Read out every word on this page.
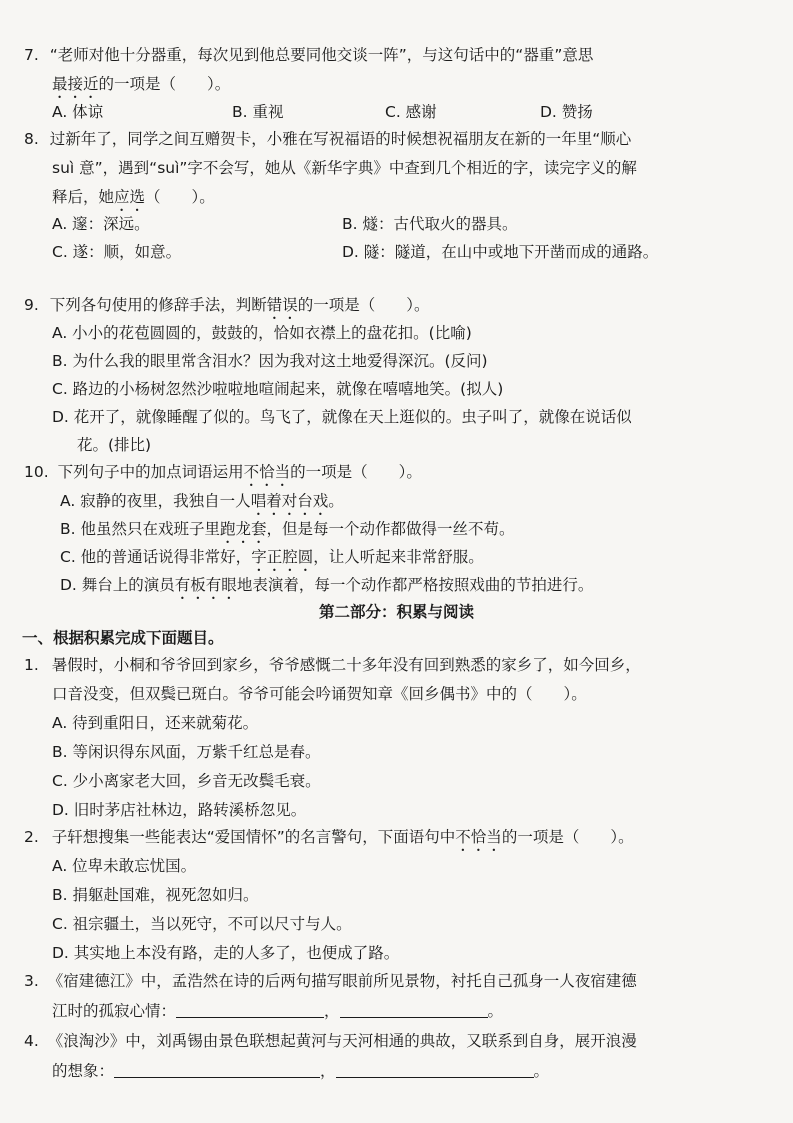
7. “老师对他十分器重，每次见到他总要同他交谈一阵”，与这句话中的“器重”意思
最接近的一项是（　　）。
A. 体谅	B. 重视	C. 感谢	D. 赞扬
8. 过新年了，同学之间互赠贺卡，小雅在写祝福语的时候想祝福朋友在新的一年里“顺心
suì 意”，遇到“suì”字不会写，她从《新华字典》中查到几个相近的字，读完字义的解
释后，她应选（　　）。
A. 邃：深远。	B. 燧：古代取火的器具。
C. 遂：顺，如意。	D. 隧：隧道，在山中或地下开凿而成的通路。
9. 下列各句使用的修辞手法，判断错误的一项是（　　）。
A. 小小的花苞圆圆的，鼓鼓的，恰如衣襟上的盘花扣。(比喻)
B. 为什么我的眼里常含泪水？因为我对这土地爱得深沉。(反问)
C. 路边的小杨树忽然沙啦啦地喧闹起来，就像在嘻嘻地笑。(拟人)
D. 花开了，就像睡醒了似的。鸟飞了，就像在天上逛似的。虫子叫了，就像在说话似
花。(排比)
10. 下列句子中的加点词语运用不恰当的一项是（　　）。
A. 寂静的夜里，我独自一人唱着对台戏。
B. 他虽然只在戏班子里跑龙套，但是每一个动作都做得一丝不苟。
C. 他的普通话说得非常好，字正腔圆，让人听起来非常舒服。
D. 舞台上的演员有板有眼地表演着，每一个动作都严格按照戏曲的节拍进行。
第二部分：积累与阅读
一、根据积累完成下面题目。
1. 暑假时，小桐和爷爷回到家乡，爷爷感慨二十多年没有回到熟悉的家乡了，如今回乡，
口音没变，但双鬓已斑白。爷爷可能会吟诵贺知章《回乡偶书》中的（　　）。
A. 待到重阳日，还来就菊花。
B. 等闲识得东风面，万紫千红总是春。
C. 少小离家老大回，乡音无改鬓毛衰。
D. 旧时茅店社林边，路转溪桥忽见。
2. 子轩想搜集一些能表达“爱国情怀”的名言警句，下面语句中不恰当的一项是（　　）。
A. 位卑未敢忘忧国。
B. 捐躯赴国难，视死忽如归。
C. 祖宗疆土，当以死守，不可以尺寸与人。
D. 其实地上本没有路，走的人多了，也便成了路。
3. 《宿建德江》中，孟浩然在诗的后两句描写眼前所见景物，衬托自己孤身一人夜宿建德
江时的孤寂心情：	，	。
4. 《浪淘沙》中，刘禹锡由景色联想起黄河与天河相通的典故，又联系到自身，展开浪漫
的想象：	，	。
